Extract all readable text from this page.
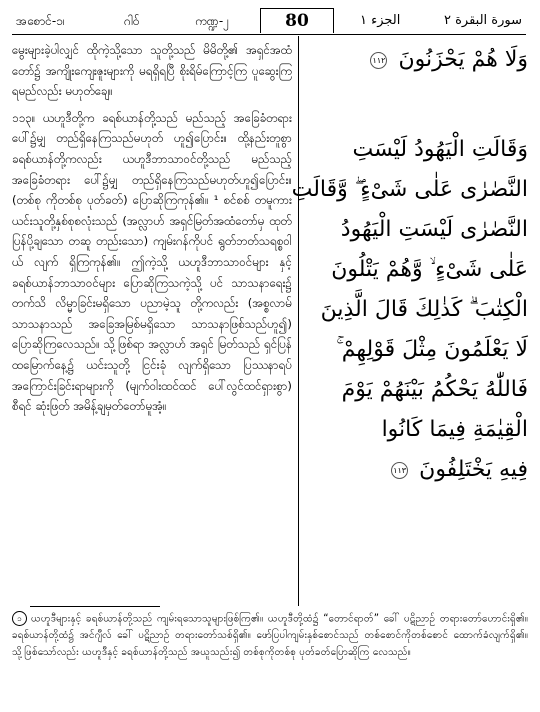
အစောင်-၁၊	ဂါဝ်	ကဏ္ဍ-၂	80	الجزء ١	سورة البقرة ٢

မွေးများခဲ့ပါလျှင် ထိုကဲ့သို့သော သူတို့သည် မိမိတို့၏ အရှင်အထံတော်၌ အကျိုးကျေးဇူးများကို မရရှိရပြီ စိုးရိမ်ကြောင့်ကြ ပူဆွေးကြရမည်လည်း မဟုတ်ချေ။

၁၁၃။ ယဟူဒီတို့က ခရစ်ယာန်တို့သည် မည်သည့် အခြေခံတရားပေါ်၌မျှ တည်ရှိနေကြသည်မဟုတ် ဟူ၍ပြောင်း။ ထို့နည်းတူစွာ ခရစ်ယာန်တို့ကလည်း ယဟူဒီဘာသာဝင်တို့သည် မည်သည့် အခြေခံတရား ပေါ်၌မျှ တည်ရှိနေကြသည်မဟုတ်ဟူ၍ပြောင်း။ (တစ်စု ကိုတစ်စု ပုတ်ခတ်) ပြောဆိုကြကုန်၏။ ¹ စင်စစ် တမူကား ယင်းသူတို့နှစ်စုစလုံးသည် (အလ္လာဟ် အရှင်မြတ်အထံတော်မှ ထုတ်ပြန်ပို့ချသော တဆူ တည်းသော) ကျမ်းဂန်ကိုပင် ရွတ်ဘတ်သရစ္စဝါယ် လျက် ရှိကြကုန်၏။ ဤကဲ့သို့ ယဟူဒီဘာသာဝင်များ နှင့် ခရစ်ယာန်ဘာသာဝင်များ ပြောဆိုကြသကဲ့သို့ ပင် သာသနာရေး၌ တက်သိ လိမ္မာခြင်းမရှိသော ပညာမဲ့သူ တို့ကလည်း (အစ္စလာမ် သာသနာသည် အခြေအမြစ်မရှိသော သာသနာဖြစ်သည်ဟူ၍) ပြောဆိုကြလေသည်။ သို့ဖြစ်ရာ အလ္လာဟ် အရှင် မြတ်သည် ရှင်ပြန်ထမြောက်နေ့၌ ယင်းသူတို့ ငြင်းခုံ လျက်ရှိသော ပြဿနာရပ် အကြောင်းခြင်းရာများကို (မျက်ဝါးထင်ထင် ပေါ်လွင်ထင်ရှားစွာ) စီရင် ဆုံးဖြတ် အမိန့်ချမှတ်တော်မူအံ့။

وَلَا هُمْ يَحْزَنُونَ ١١٢
وَقَالَتِ الْيَهُودُ لَيْسَتِ
النَّصٰرٰى عَلٰى شَىْءٍ ۖ وَّقَالَتِ
النَّصٰرٰى لَيْسَتِ الْيَهُودُ
عَلٰى شَىْءٍ ۙ وَّهُمْ يَتْلُونَ
الْكِتٰبَ ۗ كَذٰلِكَ قَالَ الَّذِينَ
لَا يَعْلَمُونَ مِثْلَ قَوْلِهِمْ ۚ
فَاللّٰهُ يَحْكُمُ بَيْنَهُمْ يَوْمَ
الْقِيٰمَةِ فِيمَا كَانُوا
فِيهِ يَخْتَلِفُونَ ١١٣
၁ ယဟူဒီများနှင့် ခရစ်ယာန်တို့သည် ကျမ်းရသောသူများဖြစ်ကြ၏။ ယဟူဒီတို့ထံ၌ “တောင်ရာတ်” ခေါ် ပဋိညာဉ် တရားတော်ဟောင်းရှိ၏။ ခရစ်ယာန်တို့ထံ၌ အင်ဂျီလ် ခေါ် ပဋိညာဉ် တရားတော်သစ်ရှိ၏။ ဖော်ပြပါကျမ်းနှစ်စောင်သည် တစ်စောင်ကိုတစ်စောင် ထောက်ခံလျက်ရှိ၏။ သို့ဖြစ်သော်လည်း ယဟူဒီနှင့် ခရစ်ယာန်တို့သည် အယူသည်း၍ တစ်စုကိုတစ်စု ပုတ်ခတ်ပြောဆိုကြ လေသည်။
